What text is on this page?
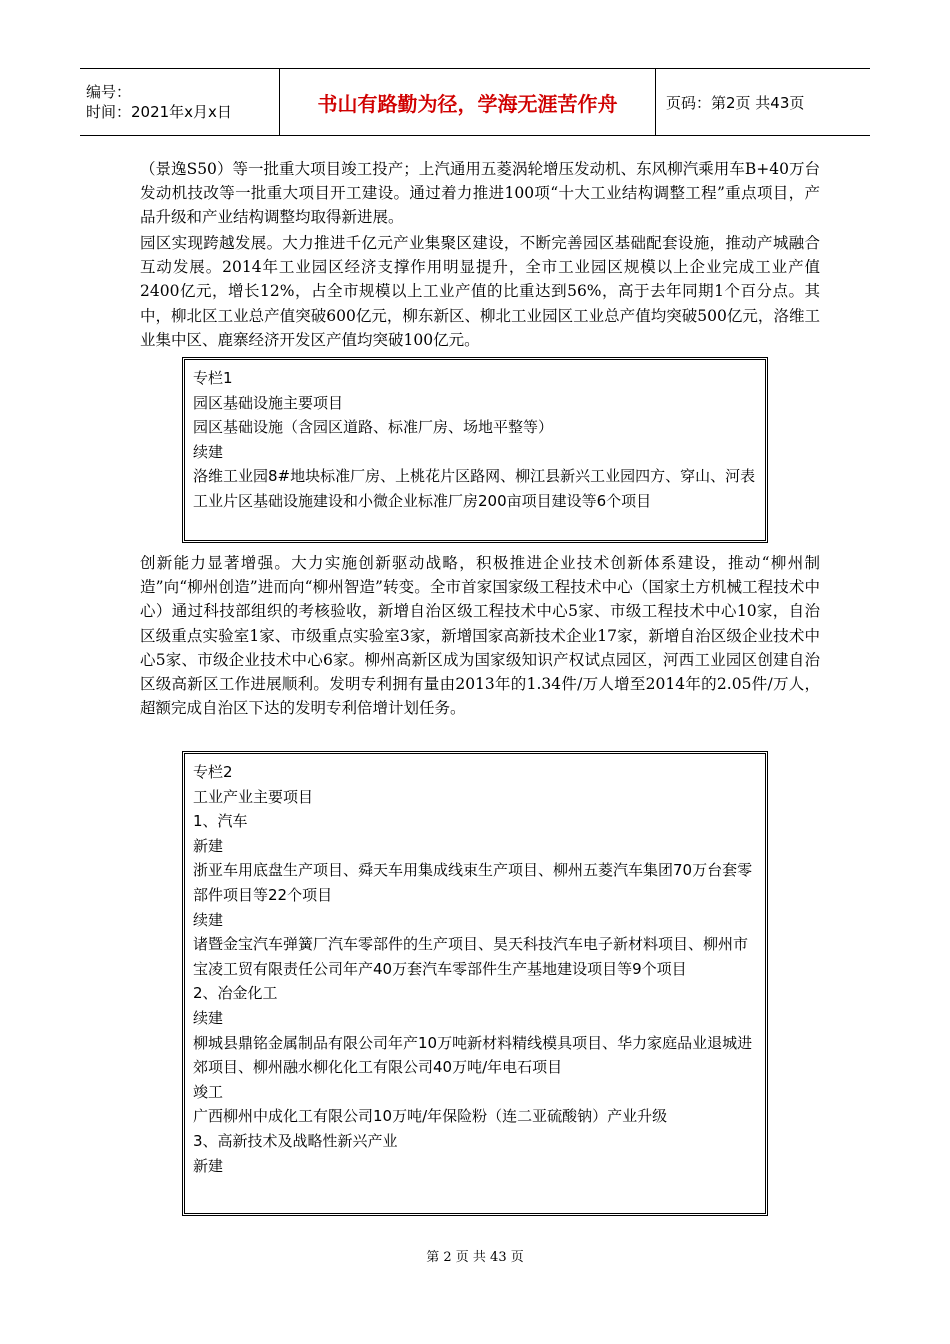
编号：
时间：2021年x月x日	书山有路勤为径，学海无涯苦作舟	页码：第2页 共43页

（景逸S50）等一批重大项目竣工投产；上汽通用五菱涡轮增压发动机、东风柳汽乘用车B+40万台发动机技改等一批重大项目开工建设。通过着力推进100项“十大工业结构调整工程”重点项目，产品升级和产业结构调整均取得新进展。

园区实现跨越发展。大力推进千亿元产业集聚区建设，不断完善园区基础配套设施，推动产城融合互动发展。2014年工业园区经济支撑作用明显提升，全市工业园区规模以上企业完成工业产值2400亿元，增长12%，占全市规模以上工业产值的比重达到56%，高于去年同期1个百分点。其中，柳北区工业总产值突破600亿元，柳东新区、柳北工业园区工业总产值均突破500亿元，洛维工业集中区、鹿寨经济开发区产值均突破100亿元。

专栏1
园区基础设施主要项目
园区基础设施（含园区道路、标准厂房、场地平整等）
续建
洛维工业园8#地块标准厂房、上桃花片区路网、柳江县新兴工业园四方、穿山、河表工业片区基础设施建设和小微企业标准厂房200亩项目建设等6个项目

创新能力显著增强。大力实施创新驱动战略，积极推进企业技术创新体系建设，推动“柳州制造”向“柳州创造”进而向“柳州智造”转变。全市首家国家级工程技术中心（国家土方机械工程技术中心）通过科技部组织的考核验收，新增自治区级工程技术中心5家、市级工程技术中心10家，自治区级重点实验室1家、市级重点实验室3家，新增国家高新技术企业17家，新增自治区级企业技术中心5家、市级企业技术中心6家。柳州高新区成为国家级知识产权试点园区，河西工业园区创建自治区级高新区工作进展顺利。发明专利拥有量由2013年的1.34件/万人增至2014年的2.05件/万人，超额完成自治区下达的发明专利倍增计划任务。

专栏2
工业产业主要项目
1、汽车
新建
浙亚车用底盘生产项目、舜天车用集成线束生产项目、柳州五菱汽车集团70万台套零部件项目等22个项目
续建
诸暨金宝汽车弹簧厂汽车零部件的生产项目、昊天科技汽车电子新材料项目、柳州市宝凌工贸有限责任公司年产40万套汽车零部件生产基地建设项目等9个项目
2、冶金化工
续建
柳城县鼎铭金属制品有限公司年产10万吨新材料精线模具项目、华力家庭品业退城进郊项目、柳州融水柳化化工有限公司40万吨/年电石项目
竣工
广西柳州中成化工有限公司10万吨/年保险粉（连二亚硫酸钠）产业升级
3、高新技术及战略性新兴产业
新建
第 2 页 共 43 页
